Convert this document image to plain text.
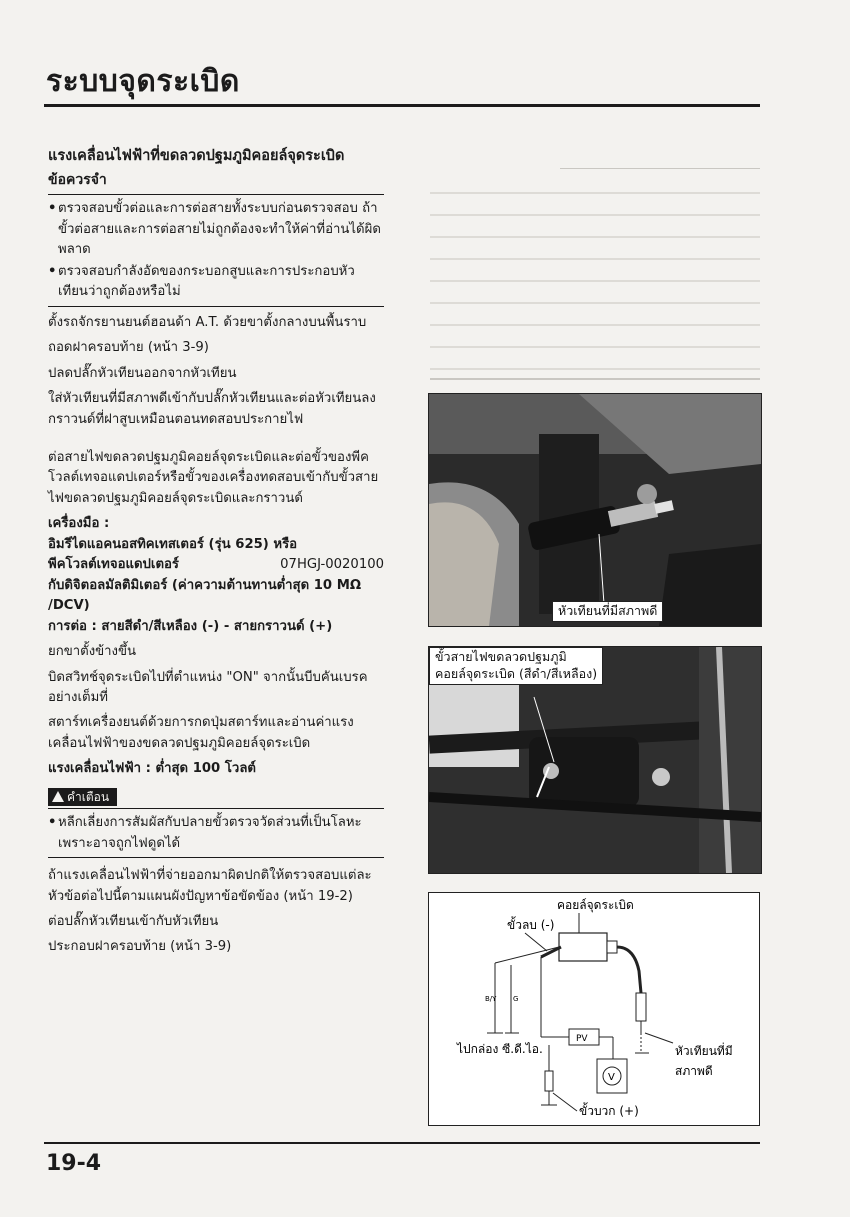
ระบบจุดระเบิด
แรงเคลื่อนไฟฟ้าที่ขดลวดปฐมภูมิคอยล์จุดระเบิด
ข้อควรจำ
• ตรวจสอบขั้วต่อและการต่อสายทั้งระบบก่อนตรวจสอบ ถ้าขั้วต่อสายและการต่อสายไม่ถูกต้องจะทำให้ค่าที่อ่านได้ผิดพลาด
• ตรวจสอบกำลังอัดของกระบอกสูบและการประกอบหัวเทียนว่าถูกต้องหรือไม่
ตั้งรถจักรยานยนต์ฮอนด้า A.T. ด้วยขาตั้งกลางบนพื้นราบ
ถอดฝาครอบท้าย (หน้า 3-9)
ปลดปลั๊กหัวเทียนออกจากหัวเทียน
ใส่หัวเทียนที่มีสภาพดีเข้ากับปลั๊กหัวเทียนและต่อหัวเทียนลงกราวนด์ที่ฝาสูบเหมือนตอนทดสอบประกายไฟ
ต่อสายไฟขดลวดปฐมภูมิคอยล์จุดระเบิดและต่อขั้วของพีคโวลต์เทจอแดปเตอร์หรือขั้วของเครื่องทดสอบเข้ากับขั้วสายไฟขดลวดปฐมภูมิคอยล์จุดระเบิดและกราวนด์
เครื่องมือ :
อิมรีไดแอคนอสทิคเทสเตอร์ (รุ่น 625) หรือ
พีคโวลต์เทจอแดปเตอร์	07HGJ-0020100
กับดิจิตอลมัลติมิเตอร์ (ค่าความต้านทานต่ำสุด 10 MΩ /DCV)
การต่อ : สายสีดำ/สีเหลือง (-) - สายกราวนด์ (+)
ยกขาตั้งข้างขึ้น
บิดสวิทช์จุดระเบิดไปที่ตำแหน่ง "ON" จากนั้นบีบคันเบรคอย่างเต็มที่
สตาร์ทเครื่องยนต์ด้วยการกดปุ่มสตาร์ทและอ่านค่าแรงเคลื่อนไฟฟ้าของขดลวดปฐมภูมิคอยล์จุดระเบิด
แรงเคลื่อนไฟฟ้า : ต่ำสุด 100 โวลต์
คำเตือน
• หลีกเลี่ยงการสัมผัสกับปลายขั้วตรวจวัดส่วนที่เป็นโลหะ เพราะอาจถูกไฟดูดได้
ถ้าแรงเคลื่อนไฟฟ้าที่จ่ายออกมาผิดปกติให้ตรวจสอบแต่ละหัวข้อต่อไปนี้ตามแผนผังปัญหาข้อขัดข้อง (หน้า 19-2)
ต่อปลั๊กหัวเทียนเข้ากับหัวเทียน
ประกอบฝาครอบท้าย (หน้า 3-9)
หัวเทียนที่มีสภาพดี
ขั้วสายไฟขดลวดปฐมภูมิ
คอยล์จุดระเบิด (สีดำ/สีเหลือง)
คอยล์จุดระเบิด
ขั้วลบ (-)
B/Y G
PV
V
ไปกล่อง ซี.ดี.ไอ.	หัวเทียนที่มี
สภาพดี
ขั้วบวก (+)
19-4
